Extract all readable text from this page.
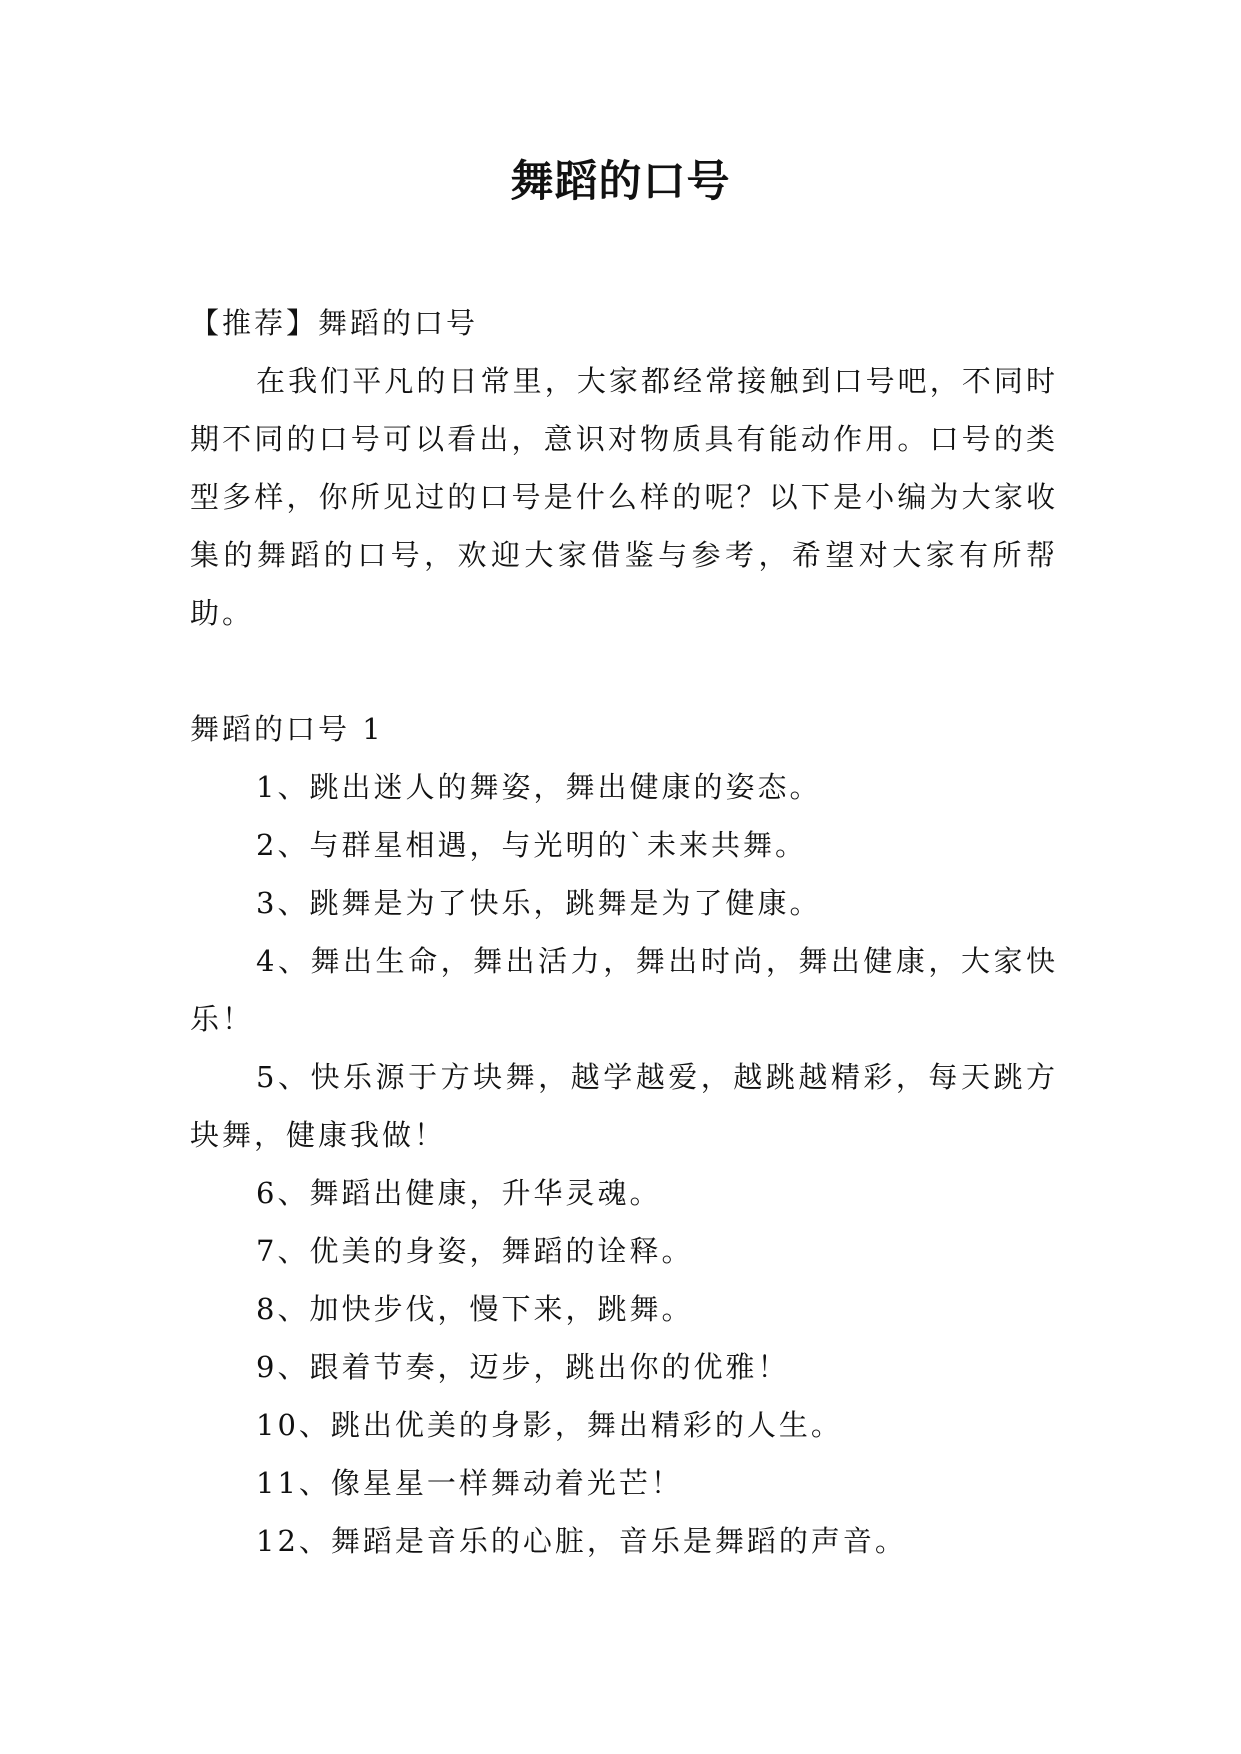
舞蹈的口号

【推荐】舞蹈的口号

在我们平凡的日常里，大家都经常接触到口号吧，不同时期不同的口号可以看出，意识对物质具有能动作用。口号的类型多样，你所见过的口号是什么样的呢？以下是小编为大家收集的舞蹈的口号，欢迎大家借鉴与参考，希望对大家有所帮助。

舞蹈的口号 1

1、跳出迷人的舞姿，舞出健康的姿态。

2、与群星相遇，与光明的`未来共舞。

3、跳舞是为了快乐，跳舞是为了健康。

4、舞出生命，舞出活力，舞出时尚，舞出健康，大家快乐！

5、快乐源于方块舞，越学越爱，越跳越精彩，每天跳方块舞，健康我做！

6、舞蹈出健康，升华灵魂。

7、优美的身姿，舞蹈的诠释。

8、加快步伐，慢下来，跳舞。

9、跟着节奏，迈步，跳出你的优雅！

10、跳出优美的身影，舞出精彩的人生。

11、像星星一样舞动着光芒！

12、舞蹈是音乐的心脏，音乐是舞蹈的声音。
